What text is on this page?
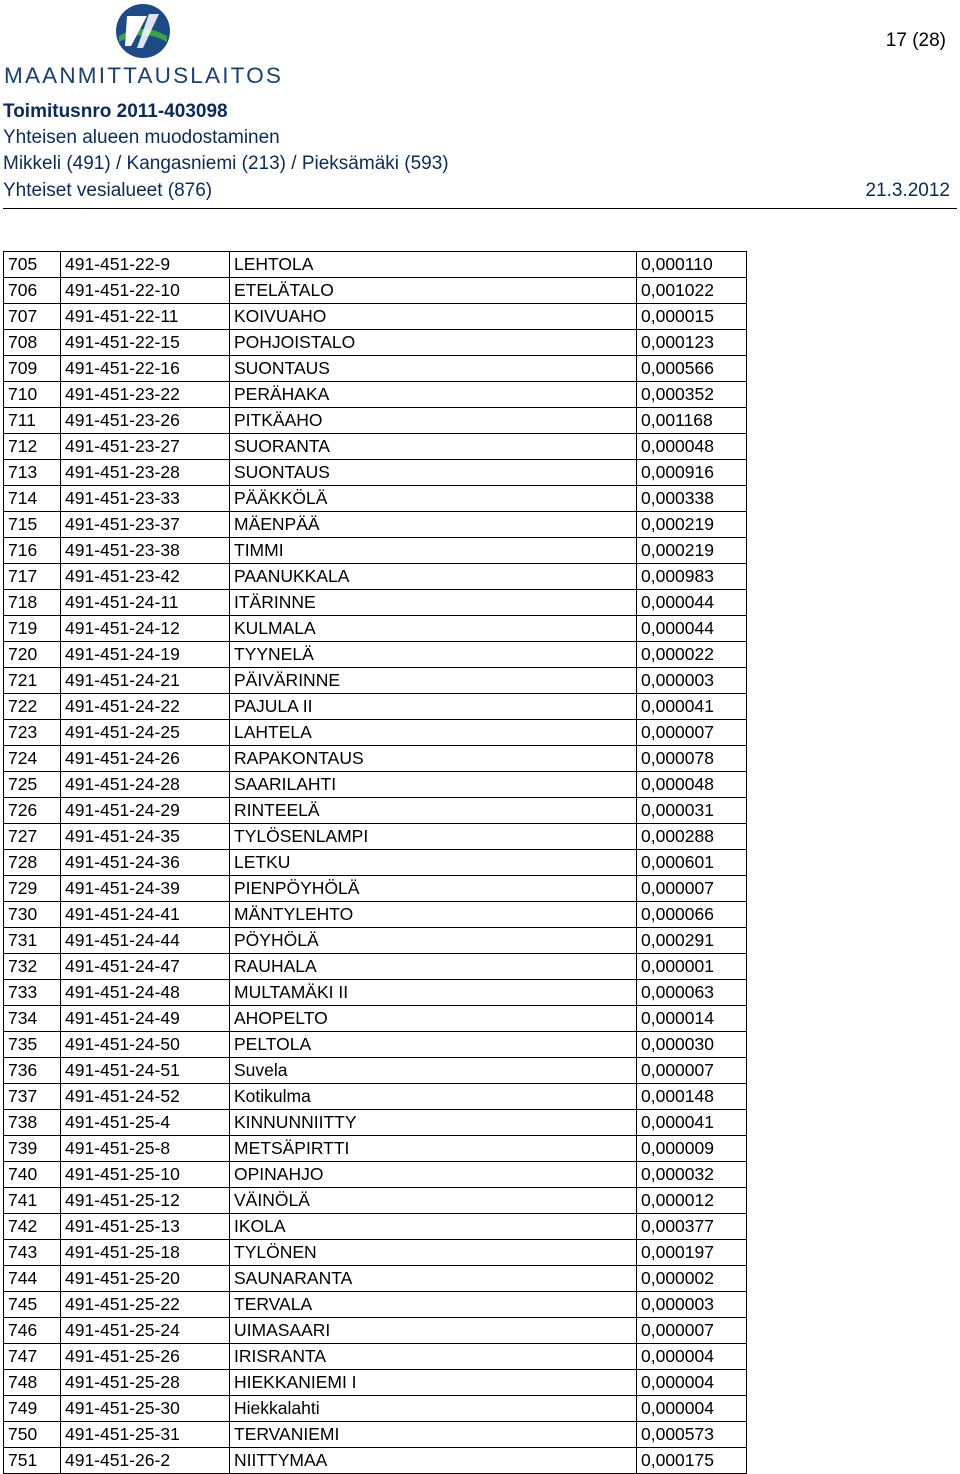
MAANMITTAUSLAITOS
17 (28)
Toimitusnro 2011-403098
Yhteisen alueen muodostaminen
Mikkeli (491) / Kangasniemi (213) / Pieksämäki (593)
Yhteiset vesialueet (876)	21.3.2012
705	491-451-22-9	LEHTOLA	0,000110
706	491-451-22-10	ETELÄTALO	0,001022
707	491-451-22-11	KOIVUAHO	0,000015
708	491-451-22-15	POHJOISTALO	0,000123
709	491-451-22-16	SUONTAUS	0,000566
710	491-451-23-22	PERÄHAKA	0,000352
711	491-451-23-26	PITKÄAHO	0,001168
712	491-451-23-27	SUORANTA	0,000048
713	491-451-23-28	SUONTAUS	0,000916
714	491-451-23-33	PÄÄKKÖLÄ	0,000338
715	491-451-23-37	MÄENPÄÄ	0,000219
716	491-451-23-38	TIMMI	0,000219
717	491-451-23-42	PAANUKKALA	0,000983
718	491-451-24-11	ITÄRINNE	0,000044
719	491-451-24-12	KULMALA	0,000044
720	491-451-24-19	TYYNELÄ	0,000022
721	491-451-24-21	PÄIVÄRINNE	0,000003
722	491-451-24-22	PAJULA II	0,000041
723	491-451-24-25	LAHTELA	0,000007
724	491-451-24-26	RAPAKONTAUS	0,000078
725	491-451-24-28	SAARILAHTI	0,000048
726	491-451-24-29	RINTEELÄ	0,000031
727	491-451-24-35	TYLÖSENLAMPI	0,000288
728	491-451-24-36	LETKU	0,000601
729	491-451-24-39	PIENPÖYHÖLÄ	0,000007
730	491-451-24-41	MÄNTYLEHTO	0,000066
731	491-451-24-44	PÖYHÖLÄ	0,000291
732	491-451-24-47	RAUHALA	0,000001
733	491-451-24-48	MULTAMÄKI II	0,000063
734	491-451-24-49	AHOPELTO	0,000014
735	491-451-24-50	PELTOLA	0,000030
736	491-451-24-51	Suvela	0,000007
737	491-451-24-52	Kotikulma	0,000148
738	491-451-25-4	KINNUNNIITTY	0,000041
739	491-451-25-8	METSÄPIRTTI	0,000009
740	491-451-25-10	OPINAHJO	0,000032
741	491-451-25-12	VÄINÖLÄ	0,000012
742	491-451-25-13	IKOLA	0,000377
743	491-451-25-18	TYLÖNEN	0,000197
744	491-451-25-20	SAUNARANTA	0,000002
745	491-451-25-22	TERVALA	0,000003
746	491-451-25-24	UIMASAARI	0,000007
747	491-451-25-26	IRISRANTA	0,000004
748	491-451-25-28	HIEKKANIEMI I	0,000004
749	491-451-25-30	Hiekkalahti	0,000004
750	491-451-25-31	TERVANIEMI	0,000573
751	491-451-26-2	NIITTYMAA	0,000175
